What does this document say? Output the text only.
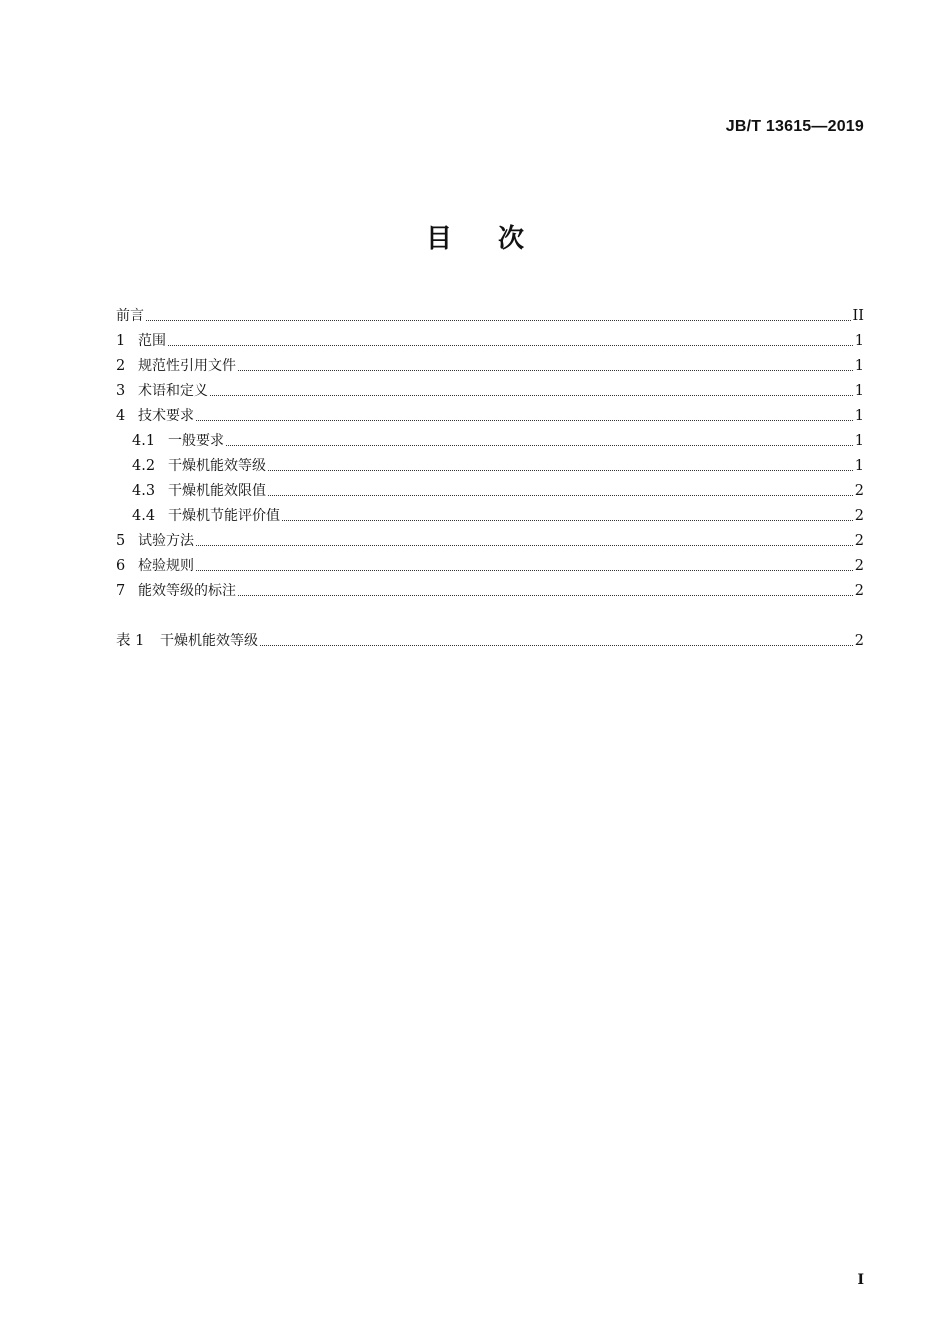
JB/T 13615—2019
目次
前言	II
1 范围	1
2 规范性引用文件	1
3 术语和定义	1
4 技术要求	1
4.1 一般要求	1
4.2 干燥机能效等级	1
4.3 干燥机能效限值	2
4.4 干燥机节能评价值	2
5 试验方法	2
6 检验规则	2
7 能效等级的标注	2
表 1	干燥机能效等级	2
I
